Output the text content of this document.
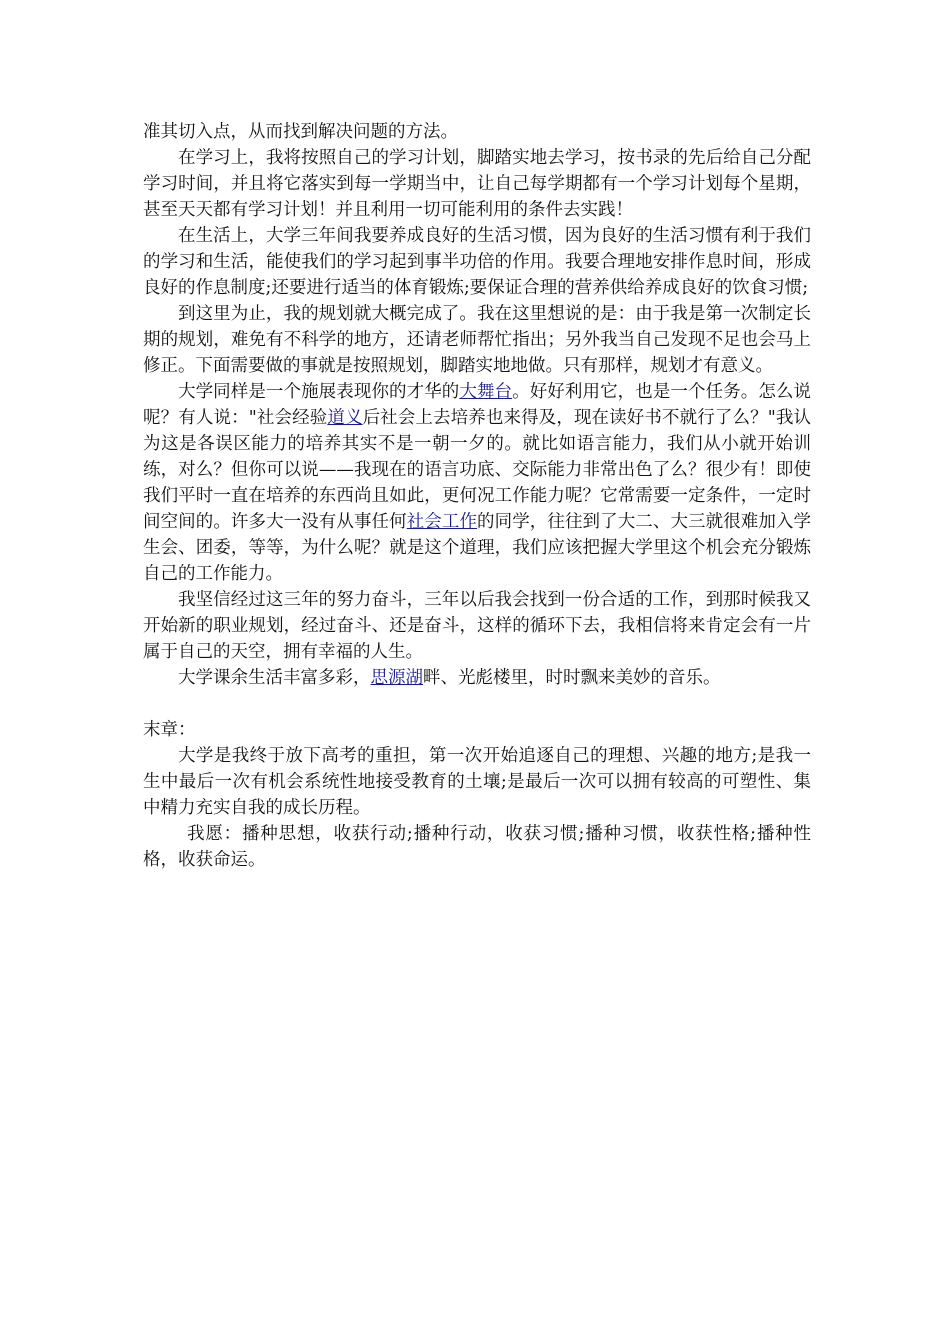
准其切入点，从而找到解决问题的方法。

在学习上，我将按照自己的学习计划，脚踏实地去学习，按书录的先后给自己分配学习时间，并且将它落实到每一学期当中，让自己每学期都有一个学习计划每个星期，甚至天天都有学习计划！并且利用一切可能利用的条件去实践！

在生活上，大学三年间我要养成良好的生活习惯，因为良好的生活习惯有利于我们的学习和生活，能使我们的学习起到事半功倍的作用。我要合理地安排作息时间，形成良好的作息制度;还要进行适当的体育锻炼;要保证合理的营养供给养成良好的饮食习惯;

到这里为止，我的规划就大概完成了。我在这里想说的是：由于我是第一次制定长期的规划，难免有不科学的地方，还请老师帮忙指出；另外我当自己发现不足也会马上修正。下面需要做的事就是按照规划，脚踏实地地做。只有那样，规划才有意义。

大学同样是一个施展表现你的才华的大舞台。好好利用它，也是一个任务。怎么说呢？有人说："社会经验道义后社会上去培养也来得及，现在读好书不就行了么？"我认为这是各误区能力的培养其实不是一朝一夕的。就比如语言能力，我们从小就开始训练，对么？但你可以说——我现在的语言功底、交际能力非常出色了么？很少有！即使我们平时一直在培养的东西尚且如此，更何况工作能力呢？它常需要一定条件，一定时间空间的。许多大一没有从事任何社会工作的同学，往往到了大二、大三就很难加入学生会、团委，等等，为什么呢？就是这个道理，我们应该把握大学里这个机会充分锻炼自己的工作能力。

我坚信经过这三年的努力奋斗，三年以后我会找到一份合适的工作，到那时候我又开始新的职业规划，经过奋斗、还是奋斗，这样的循环下去，我相信将来肯定会有一片属于自己的天空，拥有幸福的人生。

大学课余生活丰富多彩，思源湖畔、光彪楼里，时时飘来美妙的音乐。

末章：

大学是我终于放下高考的重担，第一次开始追逐自己的理想、兴趣的地方;是我一生中最后一次有机会系统性地接受教育的土壤;是最后一次可以拥有较高的可塑性、集中精力充实自我的成长历程。

我愿：播种思想，收获行动;播种行动，收获习惯;播种习惯，收获性格;播种性格，收获命运。
